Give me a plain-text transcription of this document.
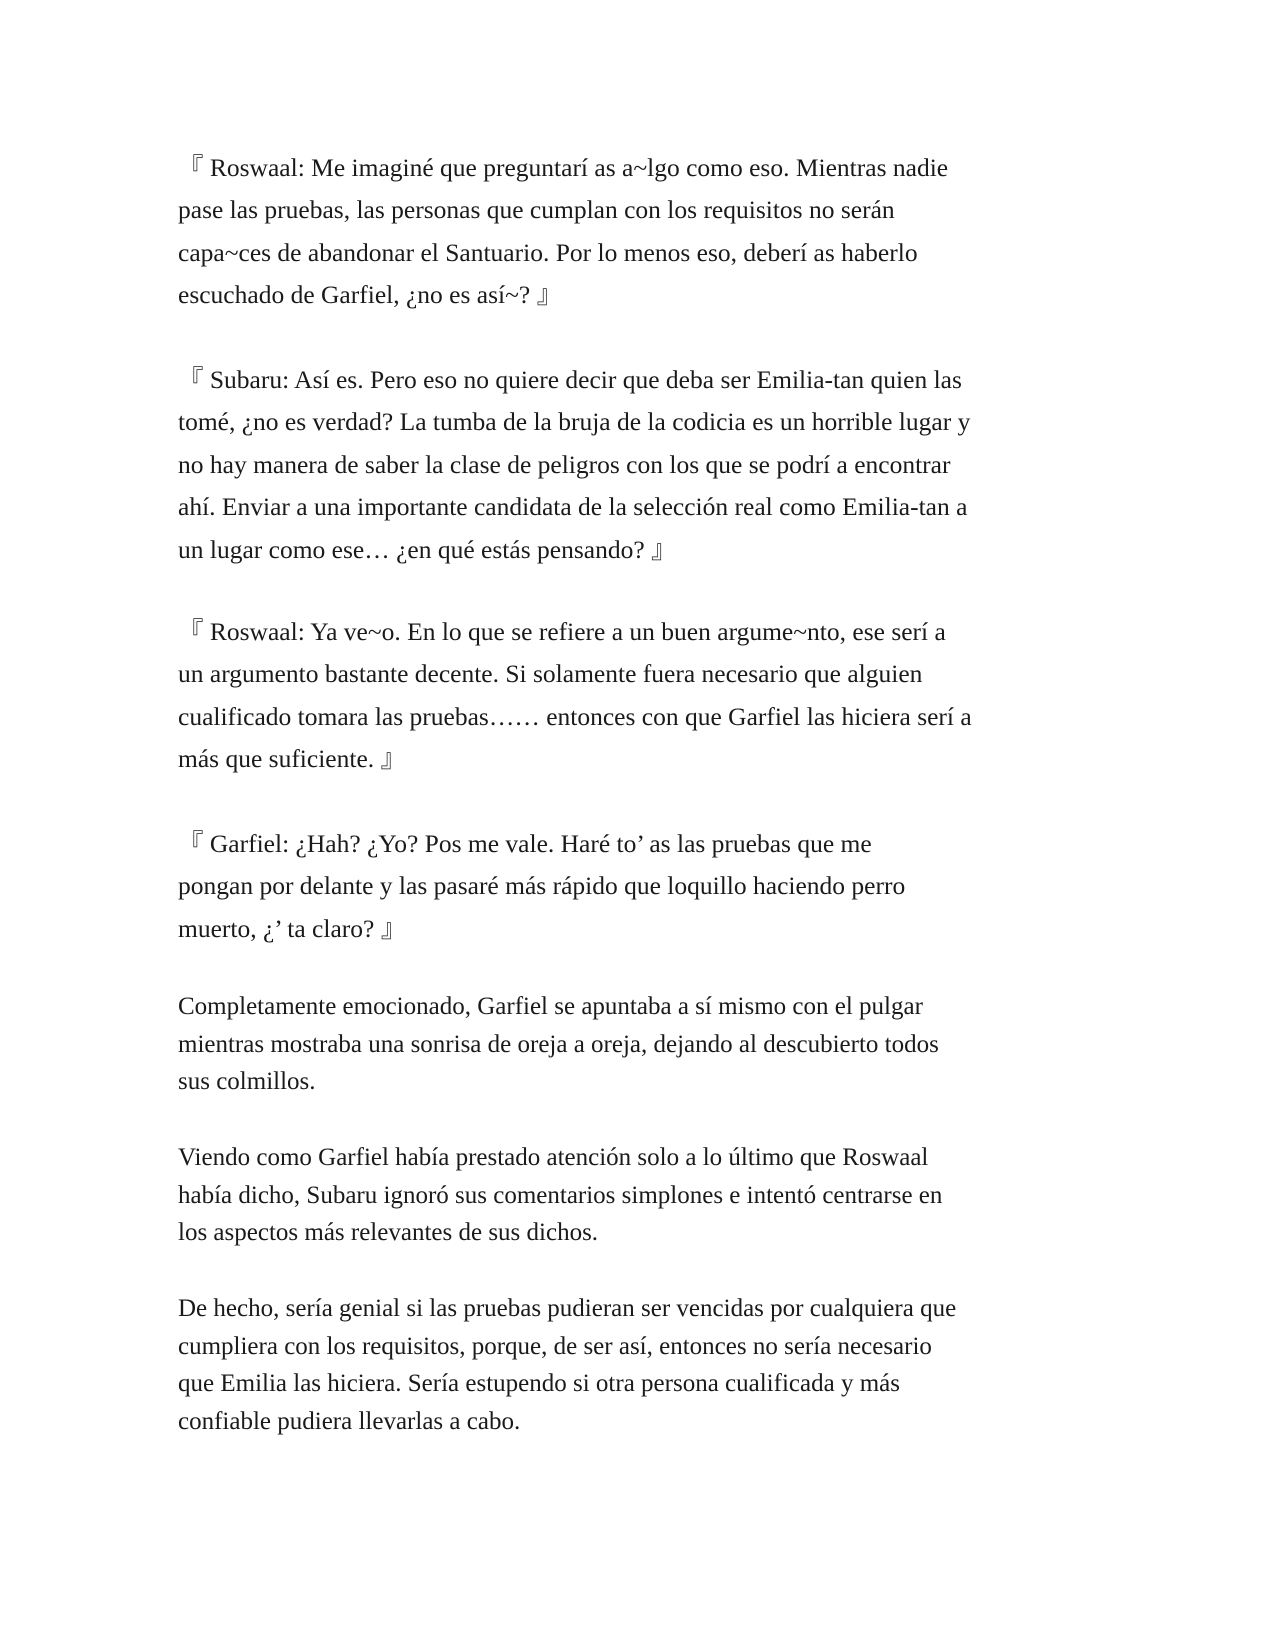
『 Roswaal: Me imaginé que preguntarí as a~lgo como eso. Mientras nadie
pase las pruebas, las personas que cumplan con los requisitos no serán
capa~ces de abandonar el Santuario. Por lo menos eso, deberí as haberlo
escuchado de Garfiel, ¿no es así~? 』
『 Subaru: Así es. Pero eso no quiere decir que deba ser Emilia-tan quien las
tomé, ¿no es verdad? La tumba de la bruja de la codicia es un horrible lugar y
no hay manera de saber la clase de peligros con los que se podrí a encontrar
ahí. Enviar a una importante candidata de la selección real como Emilia-tan a
un lugar como ese… ¿en qué estás pensando? 』
『 Roswaal: Ya ve~o. En lo que se refiere a un buen argume~nto, ese serí a
un argumento bastante decente. Si solamente fuera necesario que alguien
cualificado tomara las pruebas…… entonces con que Garfiel las hiciera serí a
más que suficiente. 』
『 Garfiel: ¿Hah? ¿Yo? Pos me vale. Haré to’ as las pruebas que me
pongan por delante y las pasaré más rápido que loquillo haciendo perro
muerto, ¿’ ta claro? 』
Completamente emocionado, Garfiel se apuntaba a sí mismo con el pulgar
mientras mostraba una sonrisa de oreja a oreja, dejando al descubierto todos
sus colmillos.
Viendo como Garfiel había prestado atención solo a lo último que Roswaal
había dicho, Subaru ignoró sus comentarios simplones e intentó centrarse en
los aspectos más relevantes de sus dichos.
De hecho, sería genial si las pruebas pudieran ser vencidas por cualquiera que
cumpliera con los requisitos, porque, de ser así, entonces no sería necesario
que Emilia las hiciera. Sería estupendo si otra persona cualificada y más
confiable pudiera llevarlas a cabo.
